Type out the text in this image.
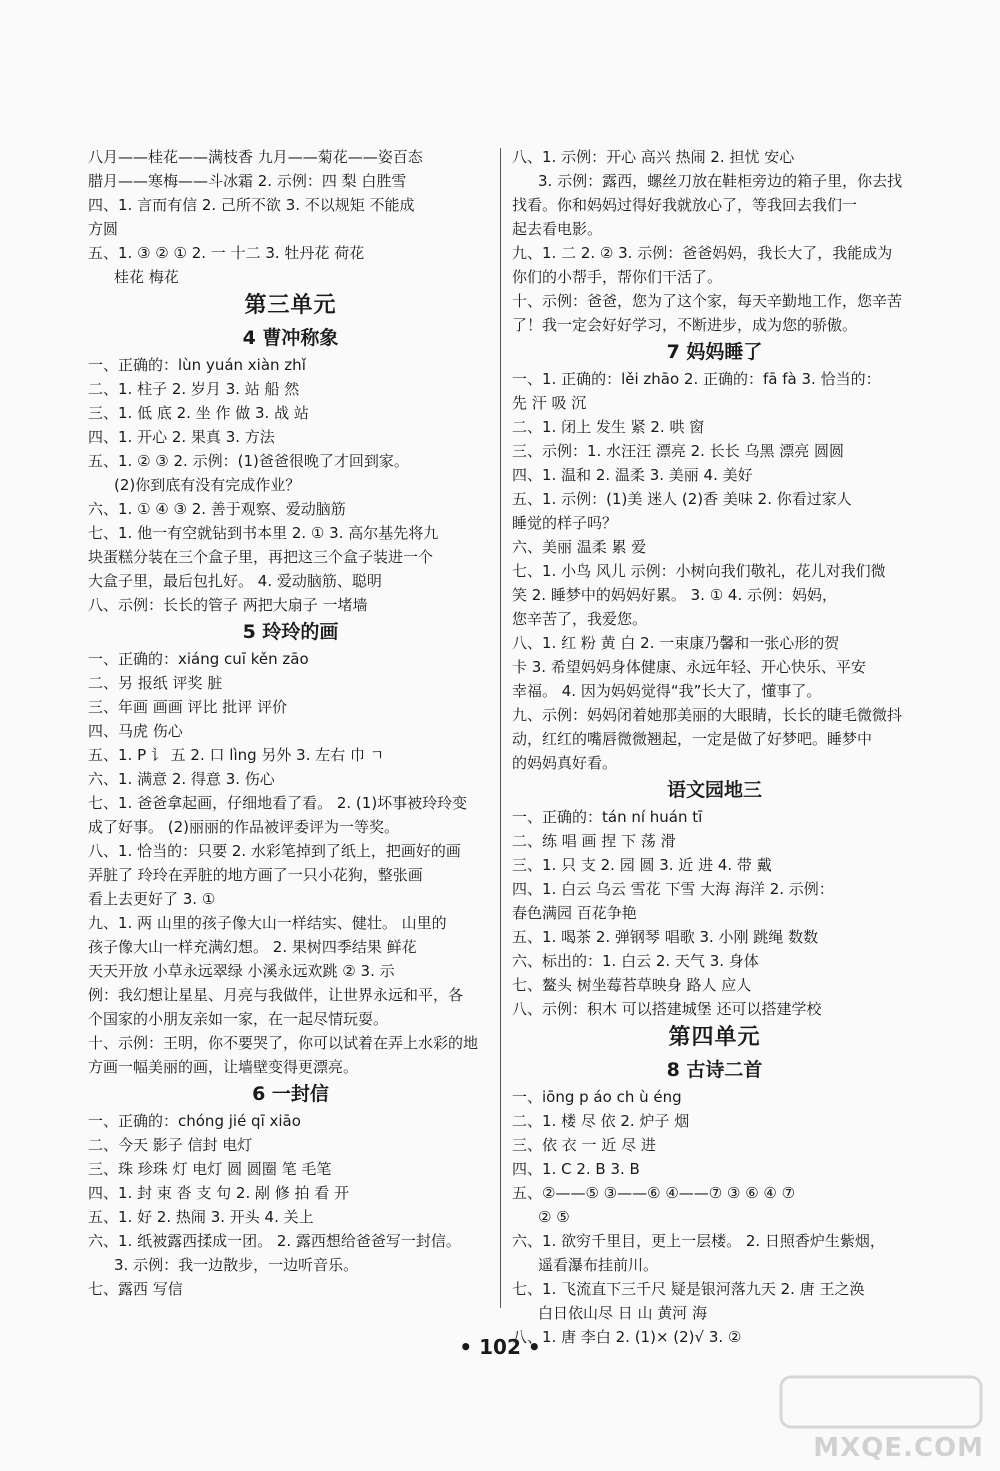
八月——桂花——满枝香 九月——菊花——姿百态
腊月——寒梅——斗冰霜 2. 示例：四 梨 白胜雪
四、1. 言而有信 2. 己所不欲 3. 不以规矩 不能成
方圆
五、1. ③ ② ① 2. 一 十二 3. 牡丹花 荷花
桂花 梅花
第三单元
4 曹冲称象
一、正确的：lùn yuán xiàn zhǐ
二、1. 柱子 2. 岁月 3. 站 船 然
三、1. 低 底 2. 坐 作 做 3. 战 站
四、1. 开心 2. 果真 3. 方法
五、1. ② ③ 2. 示例：(1)爸爸很晚了才回到家。
(2)你到底有没有完成作业？
六、1. ① ④ ③ 2. 善于观察、爱动脑筋
七、1. 他一有空就钻到书本里 2. ① 3. 高尔基先将九
块蛋糕分装在三个盒子里，再把这三个盒子装进一个
大盒子里，最后包扎好。 4. 爱动脑筋、聪明
八、示例：长长的管子 两把大扇子 一堵墙
5 玲玲的画
一、正确的：xiáng cuī kěn zāo
二、另 报纸 评奖 脏
三、年画 画画 评比 批评 评价
四、马虎 伤心
五、1. P 讠 五 2. 口 lìng 另外 3. 左右 巾 ㄱ
六、1. 满意 2. 得意 3. 伤心
七、1. 爸爸拿起画，仔细地看了看。 2. (1)坏事被玲玲变
成了好事。 (2)丽丽的作品被评委评为一等奖。
八、1. 恰当的：只要 2. 水彩笔掉到了纸上，把画好的画
弄脏了 玲玲在弄脏的地方画了一只小花狗，整张画
看上去更好了 3. ①
九、1. 两 山里的孩子像大山一样结实、健壮。 山里的
孩子像大山一样充满幻想。 2. 果树四季结果 鲜花
天天开放 小草永远翠绿 小溪永远欢跳 ② 3. 示
例：我幻想让星星、月亮与我做伴，让世界永远和平，各
个国家的小朋友亲如一家，在一起尽情玩耍。
十、示例：王明，你不要哭了，你可以试着在弄上水彩的地
方画一幅美丽的画，让墙壁变得更漂亮。
6 一封信
一、正确的：chóng jié qī xiāo
二、今天 影子 信封 电灯
三、珠 珍珠 灯 电灯 圆 圆圈 笔 毛笔
四、1. 封 束 沓 支 句 2. 剐 修 拍 看 开
五、1. 好 2. 热闹 3. 开头 4. 关上
六、1. 纸被露西揉成一团。 2. 露西想给爸爸写一封信。
3. 示例：我一边散步，一边听音乐。
七、露西 写信
八、1. 示例：开心 高兴 热闹 2. 担忧 安心
3. 示例：露西，螺丝刀放在鞋柜旁边的箱子里，你去找
找看。你和妈妈过得好我就放心了，等我回去我们一
起去看电影。
九、1. 二 2. ② 3. 示例：爸爸妈妈，我长大了，我能成为
你们的小帮手，帮你们干活了。
十、示例：爸爸，您为了这个家，每天辛勤地工作，您辛苦
了！我一定会好好学习，不断进步，成为您的骄傲。
7 妈妈睡了
一、1. 正确的：lěi zhāo 2. 正确的：fā fà 3. 恰当的：
先 汗 吸 沉
二、1. 闭上 发生 紧 2. 哄 窗
三、示例：1. 水汪汪 漂亮 2. 长长 乌黑 漂亮 圆圆
四、1. 温和 2. 温柔 3. 美丽 4. 美好
五、1. 示例：(1)美 迷人 (2)香 美味 2. 你看过家人
睡觉的样子吗？
六、美丽 温柔 累 爱
七、1. 小鸟 风儿 示例：小树向我们敬礼，花儿对我们微
笑 2. 睡梦中的妈妈好累。 3. ① 4. 示例：妈妈，
您辛苦了，我爱您。
八、1. 红 粉 黄 白 2. 一束康乃馨和一张心形的贺
卡 3. 希望妈妈身体健康、永远年轻、开心快乐、平安
幸福。 4. 因为妈妈觉得“我”长大了，懂事了。
九、示例：妈妈闭着她那美丽的大眼睛，长长的睫毛微微抖
动，红红的嘴唇微微翘起，一定是做了好梦吧。睡梦中
的妈妈真好看。
语文园地三
一、正确的：tán ní huán tī
二、练 唱 画 捏 下 荡 滑
三、1. 只 支 2. 园 圆 3. 近 进 4. 带 戴
四、1. 白云 乌云 雪花 下雪 大海 海洋 2. 示例：
春色满园 百花争艳
五、1. 喝茶 2. 弹钢琴 唱歌 3. 小刚 跳绳 数数
六、标出的：1. 白云 2. 天气 3. 身体
七、鳌头 树坐莓苔草映身 路人 应人
八、示例：积木 可以搭建城堡 还可以搭建学校
第四单元
8 古诗二首
一、iōng p áo ch ù éng
二、1. 楼 尽 依 2. 炉子 烟
三、依 衣 一 近 尽 进
四、1. C 2. B 3. B
五、②——⑤ ③——⑥ ④——⑦ ③ ⑥ ④ ⑦
② ⑤
六、1. 欲穷千里目，更上一层楼。 2. 日照香炉生紫烟，
遥看瀑布挂前川。
七、1. 飞流直下三千尺 疑是银河落九天 2. 唐 王之涣
白日依山尽 日 山 黄河 海
八、1. 唐 李白 2. (1)× (2)√ 3. ②
• 102 •
MXQE.COM
